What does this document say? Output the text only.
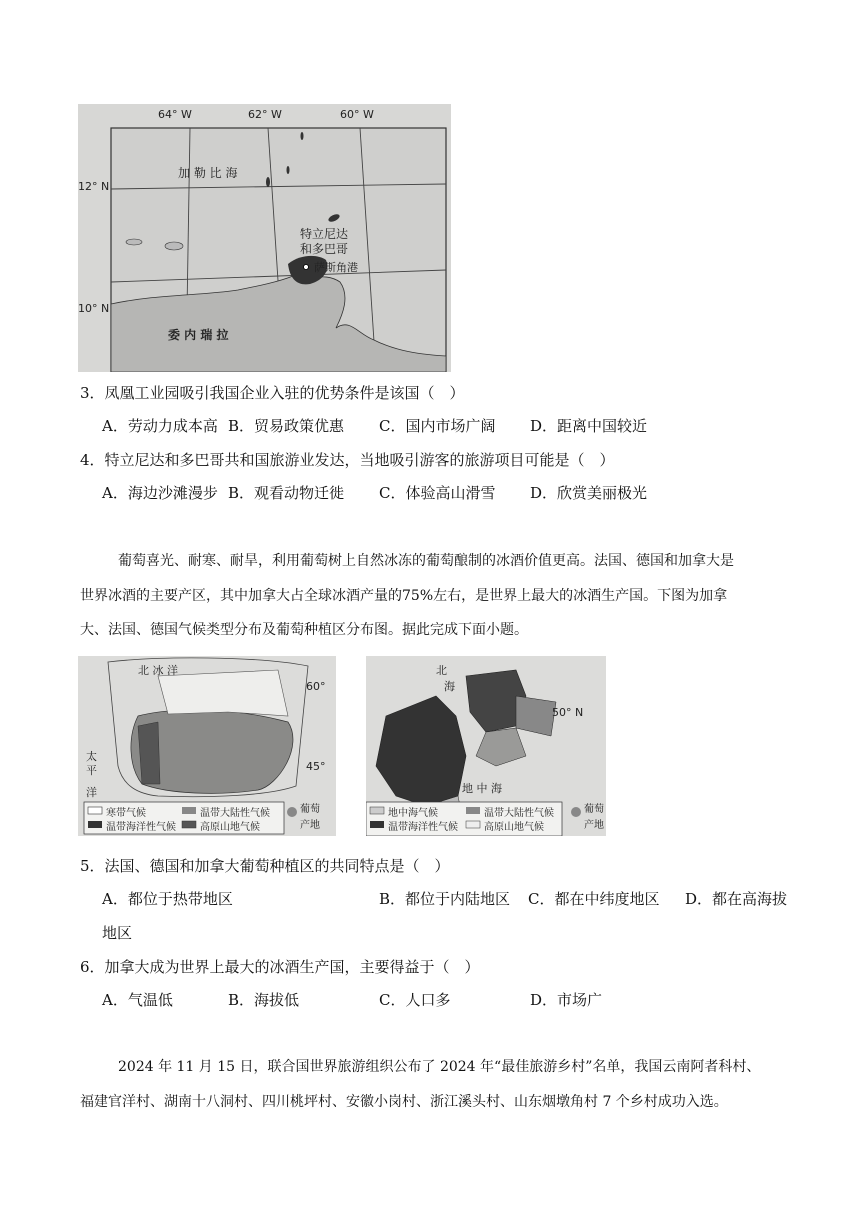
64° W	62° W	60° W
12° N
10° N
加 勒 比 海
委 内 瑞 拉
特立尼达
和多巴哥
萨斯角港
3．凤凰工业园吸引我国企业入驻的优势条件是该国（　）
A．劳动力成本高 B．贸易政策优惠 C．国内市场广阔 D．距离中国较近
4．特立尼达和多巴哥共和国旅游业发达，当地吸引游客的旅游项目可能是（　）
A．海边沙滩漫步 B．观看动物迁徙 C．体验高山滑雪 D．欣赏美丽极光
葡萄喜光、耐寒、耐旱，利用葡萄树上自然冰冻的葡萄酿制的冰酒价值更高。法国、德国和加拿大是
世界冰酒的主要产区，其中加拿大占全球冰酒产量的75%左右，是世界上最大的冰酒生产国。下图为加拿
大、法国、德国气候类型分布及葡萄种植区分布图。据此完成下面小题。
北 冰 洋
太
平
洋
60°
45°
寒带气候	温带大陆性气候
温带海洋性气候 高原山地气候
葡萄
产地
北
海
50° N
地 中 海
地中海气候	温带大陆性气候
温带海洋性气候	高原山地气候
葡萄
产地
5．法国、德国和加拿大葡萄种植区的共同特点是（　）
A．都位于热带地区	B．都位于内陆地区 C．都在中纬度地区 D．都在高海拔
地区
6．加拿大成为世界上最大的冰酒生产国，主要得益于（　）
A．气温低	B．海拔低	C．人口多	D．市场广
2024 年 11 月 15 日，联合国世界旅游组织公布了 2024 年“最佳旅游乡村”名单，我国云南阿者科村、
福建官洋村、湖南十八洞村、四川桃坪村、安徽小岗村、浙江溪头村、山东烟墩角村 7 个乡村成功入选。
